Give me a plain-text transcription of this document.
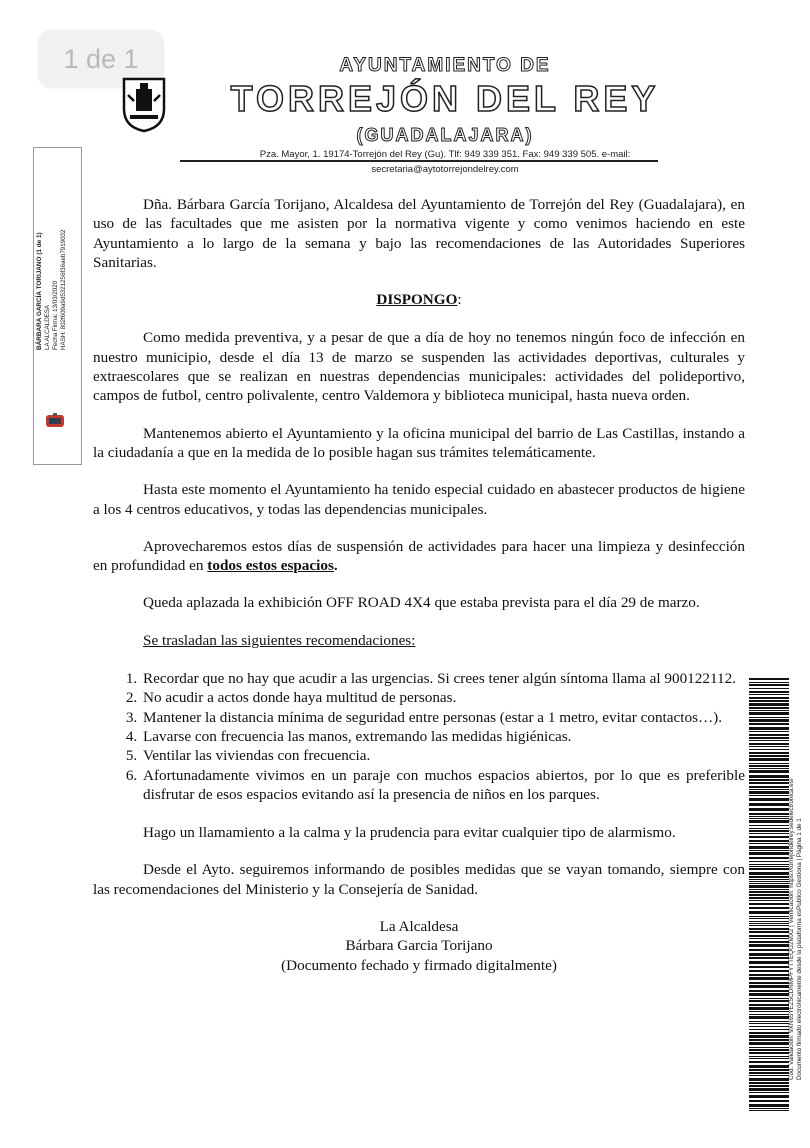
1 de 1	AYUNTAMIENTO DE
TORREJÓN DEL REY
(GUADALAJARA)
Pza. Mayor, 1. 19174-Torrejón del Rey (Gu). Tlf: 949 339 351. Fax: 949 339 505. e-mail:
secretaria@aytotorrejondelrey.com
BÁRBARA GARCÍA TORIJANO (1 de 1)
LA ALCALDESA
Fecha Firma: 13/03/2020
HASH: 802f609a9d5321256f36aeb7919032

Dña. Bárbara García Torijano, Alcaldesa del Ayuntamiento de Torrejón del Rey (Guadalajara), en uso de las facultades que me asisten por la normativa vigente y como venimos haciendo en este Ayuntamiento a lo largo de la semana y bajo las recomendaciones de las Autoridades Superiores Sanitarias.

DISPONGO:

Como medida preventiva, y a pesar de que a día de hoy no tenemos ningún foco de infección en nuestro municipio, desde el día 13 de marzo se suspenden las actividades deportivas, culturales y extraescolares que se realizan en nuestras dependencias municipales: actividades del polideportivo, campos de futbol, centro polivalente, centro Valdemora y biblioteca municipal, hasta nueva orden.

Mantenemos abierto el Ayuntamiento y la oficina municipal del barrio de Las Castillas, instando a la ciudadanía a que en la medida de lo posible hagan sus trámites telemáticamente.

Hasta este momento el Ayuntamiento ha tenido especial cuidado en abastecer productos de higiene a los 4 centros educativos, y todas las dependencias municipales.

Aprovecharemos estos días de suspensión de actividades para hacer una limpieza y desinfección en profundidad en todos estos espacios.

Queda aplazada la exhibición OFF ROAD 4X4 que estaba prevista para el día 29 de marzo.

Se trasladan las siguientes recomendaciones:

1. Recordar que no hay que acudir a las urgencias. Si crees tener algún síntoma llama al 900122112.
2. No acudir a actos donde haya multitud de personas.
3. Mantener la distancia mínima de seguridad entre personas (estar a 1 metro, evitar contactos…).
4. Lavarse con frecuencia las manos, extremando las medidas higiénicas.
5. Ventilar las viviendas con frecuencia.
6. Afortunadamente vivimos en un paraje con muchos espacios abiertos, por lo que es preferible disfrutar de esos espacios evitando así la presencia de niños en los parques.

Hago un llamamiento a la calma y la prudencia para evitar cualquier tipo de alarmismo.

Desde el Ayto. seguiremos informando de posibles medidas que se vayan tomando, siempre con las recomendaciones del Ministerio y la Consejería de Sanidad.

La Alcaldesa
Bárbara Garcia Torijano
(Documento fechado y firmado digitalmente)	Cód. Validación: 9XN65YEZ5CDNMPFYTTEQG2MX2 | Verificación: https://torrejondelrey.sedelectronica.es/ Documento firmado electrónicamente desde la plataforma esPublico Gestiona | Página 1 de 1
